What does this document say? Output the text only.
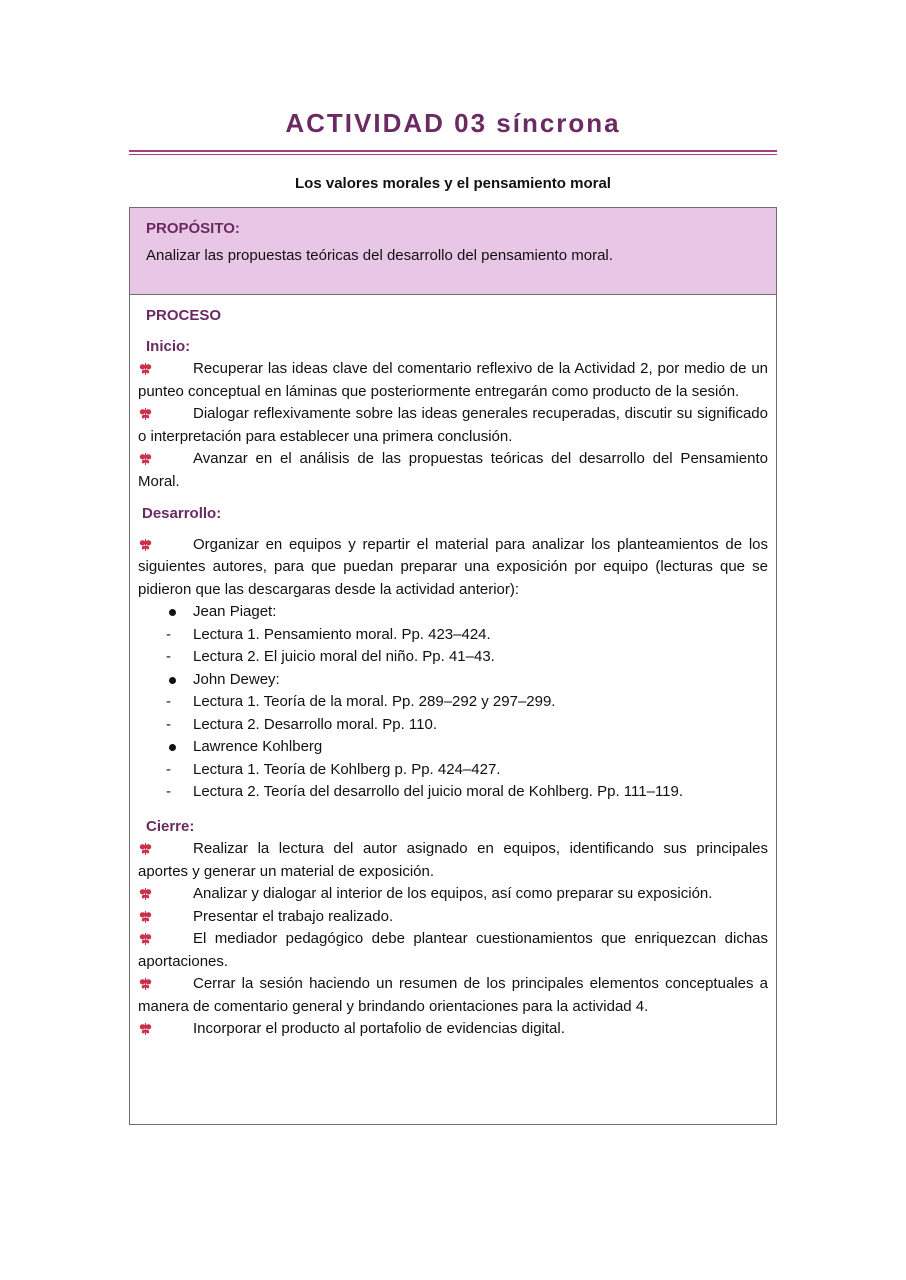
ACTIVIDAD 03 síncrona

Los valores morales y el pensamiento moral

PROPÓSITO:

Analizar las propuestas teóricas del desarrollo del pensamiento moral.

PROCESO

Inicio:

Recuperar las ideas clave del comentario reflexivo de la Actividad 2, por medio de un punteo conceptual en láminas que posteriormente entregarán como producto de la sesión.

Dialogar reflexivamente sobre las ideas generales recuperadas, discutir su significado o interpretación para establecer una primera conclusión.

Avanzar en el análisis de las propuestas teóricas del desarrollo del Pensamiento Moral.

Desarrollo:

Organizar en equipos y repartir el material para analizar los planteamientos de los siguientes autores, para que puedan preparar una exposición por equipo (lecturas que se pidieron que las descargaras desde la actividad anterior):

Jean Piaget:
- Lectura 1. Pensamiento moral. Pp. 423–424.
- Lectura 2. El juicio moral del niño. Pp. 41–43.
John Dewey:
- Lectura 1. Teoría de la moral. Pp. 289–292 y 297–299.
- Lectura 2. Desarrollo moral. Pp. 110.
Lawrence Kohlberg
- Lectura 1. Teoría de Kohlberg p. Pp. 424–427.
- Lectura 2. Teoría del desarrollo del juicio moral de Kohlberg. Pp. 111–119.

Cierre:

Realizar la lectura del autor asignado en equipos, identificando sus principales aportes y generar un material de exposición.

Analizar y dialogar al interior de los equipos, así como preparar su exposición.

Presentar el trabajo realizado.

El mediador pedagógico debe plantear cuestionamientos que enriquezcan dichas aportaciones.

Cerrar la sesión haciendo un resumen de los principales elementos conceptuales a manera de comentario general y brindando orientaciones para la actividad 4.

Incorporar el producto al portafolio de evidencias digital.
